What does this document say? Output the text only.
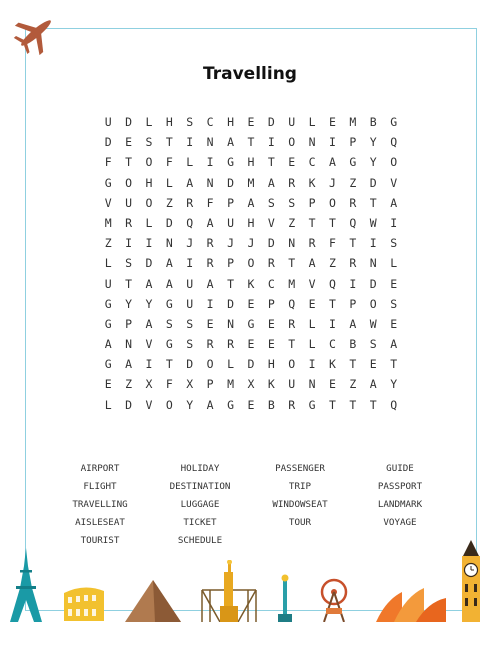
Travelling
U	D	L	H	S	C	H	E	D	U	L	E	M	B	G
D	E	S	T	I	N	A	T	I	O	N	I	P	Y	Q
F	T	O	F	L	I	G	H	T	E	C	A	G	Y	O
G	O	H	L	A	N	D	M	A	R	K	J	Z	D	V
V	U	O	Z	R	F	P	A	S	S	P	O	R	T	A
M	R	L	D	Q	A	U	H	V	Z	T	T	Q	W	I
Z	I	I	N	J	R	J	J	D	N	R	F	T	I	S
L	S	D	A	I	R	P	O	R	T	A	Z	R	N	L
U	T	A	A	U	A	T	K	C	M	V	Q	I	D	E
G	Y	Y	G	U	I	D	E	P	Q	E	T	P	O	S
G	P	A	S	S	E	N	G	E	R	L	I	A	W	E
A	N	V	G	S	R	R	E	E	T	L	C	B	S	A
G	A	I	T	D	O	L	D	H	O	I	K	T	E	T
E	Z	X	F	X	P	M	X	K	U	N	E	Z	A	Y
L	D	V	O	Y	A	G	E	B	R	G	T	T	T	Q
AIRPORT	HOLIDAY	PASSENGER	GUIDE
FLIGHT	DESTINATION	TRIP	PASSPORT
TRAVELLING	LUGGAGE	WINDOWSEAT	LANDMARK
AISLESEAT	TICKET	TOUR	VOYAGE
TOURIST	SCHEDULE
